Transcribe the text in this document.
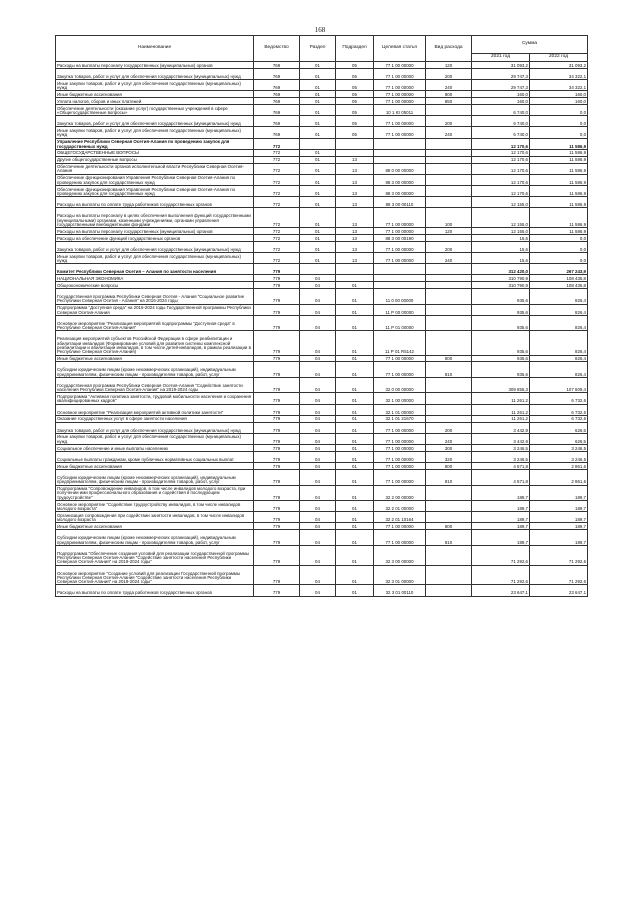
168
Наименование	Ведомство	Раздел	Подраздел	Целевая статья	Вид расхода	Сумма	
						2021 год	2022 год
Расходы на выплаты персоналу государственных (муниципальных) органов	769	01	05	77 1 00 00000	120	31 093,2	31 093,2
Закупка товаров, работ и услуг для обеспечения государственных (муниципальных) нужд	769	01	05	77 1 00 00000	200	29 747,3	34 322,1
Иные закупки товаров, работ и услуг для обеспечения государственных (муниципальных) нужд	769	01	05	77 1 00 00000	240	29 747,3	34 322,1
Иные бюджетные ассигнования	769	01	05	77 1 00 00000	800	160,0	160,0
Уплата налогов, сборов и иных платежей	769	01	05	77 1 00 00000	850	160,0	160,0
Обеспечение деятельности (оказание услуг) государственных учреждений в сфере «Общегосударственные вопросы»	769	01	05	10 1 Ю 05011		6 740,0	0,0
Закупка товаров, работ и услуг для обеспечения государственных (муниципальных) нужд	769	01	05	77 1 00 00000	200	6 740,0	0,0
Иные закупки товаров, работ и услуг для обеспечения государственных (муниципальных) нужд	769	01	05	77 1 00 00000	240	6 740,0	0,0
Управление Республики Северная Осетия-Алания по проведению закупок для государственных нужд	772					12 170,6	11 586,9
ОБЩЕГОСУДАРСТВЕННЫЕ ВОПРОСЫ	772	01				12 170,6	11 586,9
Другие общегосударственные вопросы	772	01	13			12 170,6	11 586,9
Обеспечение деятельности органов исполнительной власти Республики Северная Осетия-Алания	772	01	13	88 0 00 00000		12 170,6	11 586,9
Обеспечение функционирования Управления Республики Северная Осетия-Алания по проведению закупок для государственных нужд	772	01	13	88 3 00 00000		12 170,6	11 586,9
Обеспечение функционирования Управления Республики Северная Осетия-Алания по проведению закупок для государственных нужд	772	01	13	88 3 00 00000		12 170,6	11 586,9
Расходы на выплаты по оплате труда работников государственных органов	772	01	13	88 3 00 00110		12 155,0	11 586,9
Расходы на выплаты персоналу в целях обеспечения выполнения функций государственными (муниципальными) органами, казенными учреждениями, органами управления государственными внебюджетными фондами	772	01	13	77 1 00 00000	100	12 155,0	11 586,9
Расходы на выплаты персоналу государственных (муниципальных) органов	772	01	13	77 1 00 00000	120	12 155,0	11 586,9
Расходы на обеспечение функций государственных органов	772	01	13	88 3 00 00190		15,6	0,0
Закупка товаров, работ и услуг для обеспечения государственных (муниципальных) нужд	772	01	13	77 1 00 00000	200	15,6	0,0
Иные закупки товаров, работ и услуг для обеспечения государственных (муниципальных) нужд	772	01	13	77 1 00 00000	240	15,6	0,0
Комитет Республики Северная Осетия – Алания по занятости населения	779					312 420,0	267 243,9
НАЦИОНАЛЬНАЯ ЭКОНОМИКА	779	04				310 790,9	108 435,8
Общеэкономические вопросы	779	04	01			310 790,9	108 435,8
Государственная программа Республики Северная Осетия - Алания "Социальное развитие Республики Северная Осетия - Алания" на 2016-2024 годы	779	04	01	11 0 00 00000		935,6	826,4
Подпрограмма "Доступная среда" на 2016-2024 годы Государственной программы Республики Северная Осетия-Алания	779	04	01	11 Р 00 00000		935,6	826,4
Основное мероприятие "Реализация мероприятий подпрограммы "Доступная среда" в Республике Северная Осетия-Алания"	779	04	01	11 Р 01 00000		935,6	826,4
Реализация мероприятий субъектов Российской Федерации в сфере реабилитации и абилитации инвалидов (Формирование условий для развития системы комплексной реабилитации и абилитации инвалидов, в том числе детей-инвалидов, в рамках реализации в Республике Северная Осетия-Алания)	779	04	01	11 Р 01 R5142		935,6	826,4
Иные бюджетные ассигнования	779	04	01	77 1 00 00000	800	935,6	826,4
Субсидии юридическим лицам (кроме некоммерческих организаций), индивидуальным предпринимателям, физическим лицам - производителям товаров, работ, услуг	779	04	01	77 1 00 00000	810	935,6	826,4
Государственная программа Республики Северная Осетия-Алания "Содействие занятости населения Республики Северная Осетия-Алания" на 2019-2024 годы	779	04	01	32 0 00 00000		309 855,3	107 609,4
Подпрограмма "Активная политика занятости, трудовой мобильности населения и сохранения квалифицированных кадров"	779	04	01	32 1 00 00000		11 261,2	6 732,6
Основное мероприятие "Реализация мероприятий активной политики занятости"	779	04	01	32 1 01 00000		11 261,2	6 732,6
Оказание государственных услуг в сфере занятости населения	779	04	01	32 1 01 21670		11 261,2	6 732,6
Закупка товаров, работ и услуг для обеспечения государственных (муниципальных) нужд	779	04	01	77 1 00 00000	200	3 442,9	626,5
Иные закупки товаров, работ и услуг для обеспечения государственных (муниципальных) нужд	779	04	01	77 1 00 00000	240	3 442,9	626,5
Социальное обеспечение и иные выплаты населению	779	04	01	77 1 00 00000	300	3 246,5	3 246,5
Социальные выплаты гражданам, кроме публичных нормативных социальных выплат	779	04	01	77 1 00 00000	320	3 246,5	3 246,5
Иные бюджетные ассигнования	779	04	01	77 1 00 00000	800	4 571,8	2 861,6
Субсидии юридическим лицам (кроме некоммерческих организаций), индивидуальным предпринимателям, физическим лицам - производителям товаров, работ, услуг	779	04	01	77 1 00 00000	810	4 571,8	2 861,6
Подпрограмма "Сопровождение инвалидов, в том числе инвалидов молодого возраста, при получении ими профессионального образования и содействия в последующем трудоустройстве"	779	04	01	32 2 00 00000		189,7	189,7
Основное мероприятие "Содействие трудоустройству инвалидов, в том числе инвалидов молодого возраста"	779	04	01	32 2 01 00000		189,7	189,7
Организация сопровождения при содействии занятости инвалидов, в том числе инвалидов молодого возраста	779	04	01	32 2 01 10164		189,7	189,7
Иные бюджетные ассигнования	779	04	01	77 1 00 00000	800	189,7	189,7
Субсидии юридическим лицам (кроме некоммерческих организаций), индивидуальным предпринимателям, физическим лицам - производителям товаров, работ, услуг	779	04	01	77 1 00 00000	810	189,7	189,7
Подпрограмма "Обеспечение создания условий для реализации государственной программы Республики Северная Осетия-Алания "Содействие занятости населения Республики Северная Осетия-Алания" на 2019-2024 годы"	779	04	01	32 3 00 00000		71 292,6	71 292,6
Основное мероприятие "Создание условий для реализации Государственной программы Республики Северная Осетия-Алания "Содействие занятости населения Республики Северная Осетия-Алания" на 2019-2024 годы"	779	04	01	32 3 01 00000		71 292,6	71 292,6
Расходы на выплаты по оплате труда работников государственных органов	779	04	01	32 3 01 00110		23 647,1	23 647,1
